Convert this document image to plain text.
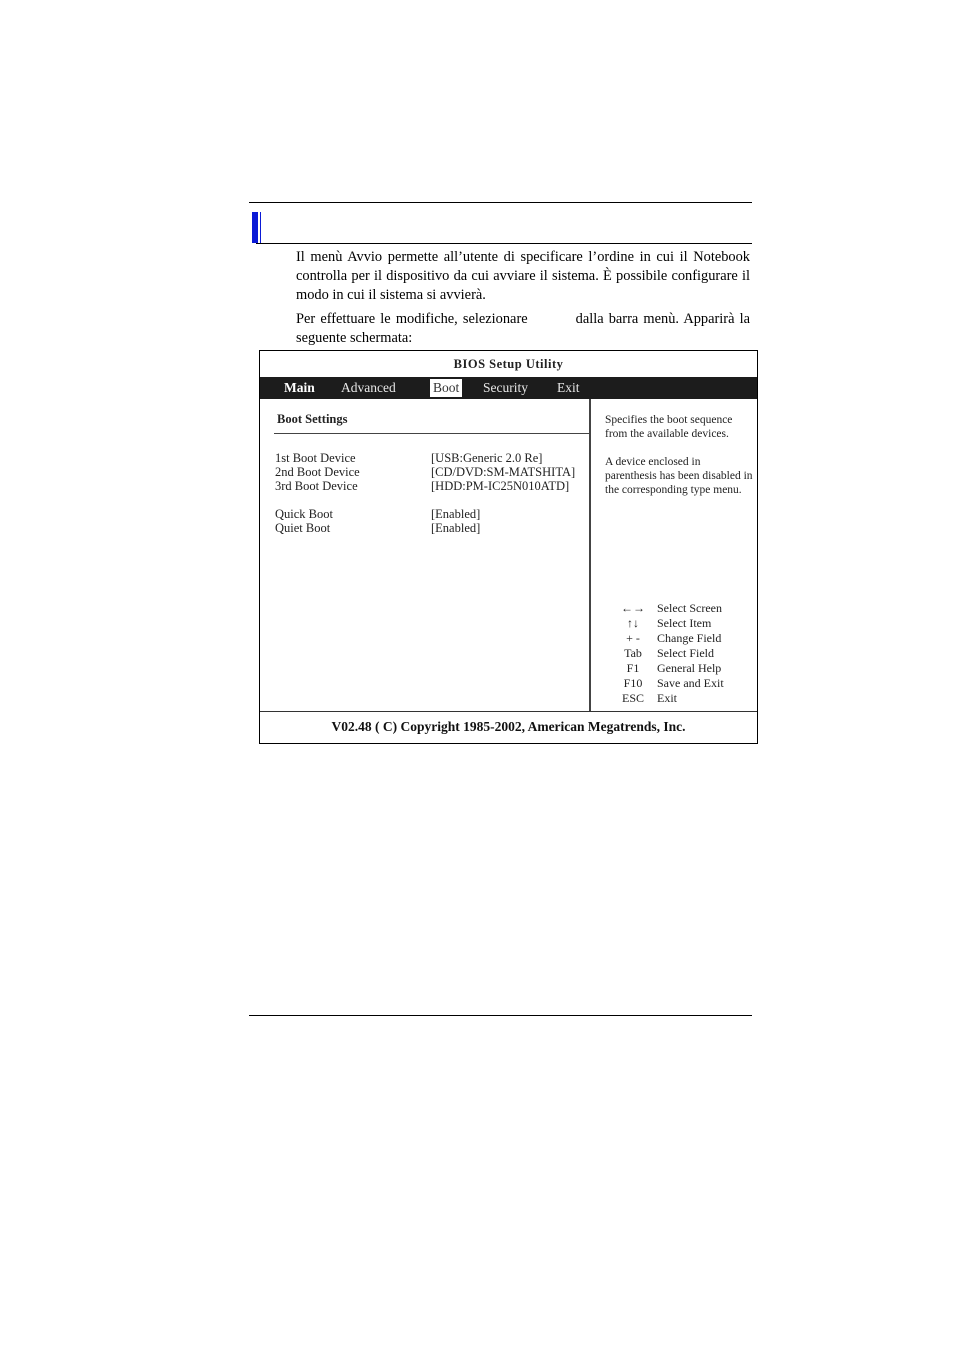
Il menù Avvio permette all’utente di specificare l’ordine in cui il Notebook controlla per il dispositivo da cui avviare il sistema. È possibile configurare il modo in cui il sistema si avvierà.

Per effettuare le modifiche, selezionare	dalla barra menù. Apparirà la seguente schermata:

BIOS Setup Utility
Main Advanced	Boot Security Exit
Boot Settings
1st Boot Device	[USB:Generic 2.0 Re]
2nd Boot Device	[CD/DVD:SM-MATSHITA]
3rd Boot Device	[HDD:PM-IC25N010ATD]
Quick Boot	[Enabled]
Quiet Boot	[Enabled]

Specifies the boot sequence from the available devices.

A device enclosed in parenthesis has been disabled in the corresponding type menu.

←→	Select Screen
↑↓	Select Item
+ -	Change Field
Tab	Select Field
F1	General Help
F10	Save and Exit
ESC	Exit
V02.48 ( C) Copyright 1985-2002, American Megatrends, Inc.
